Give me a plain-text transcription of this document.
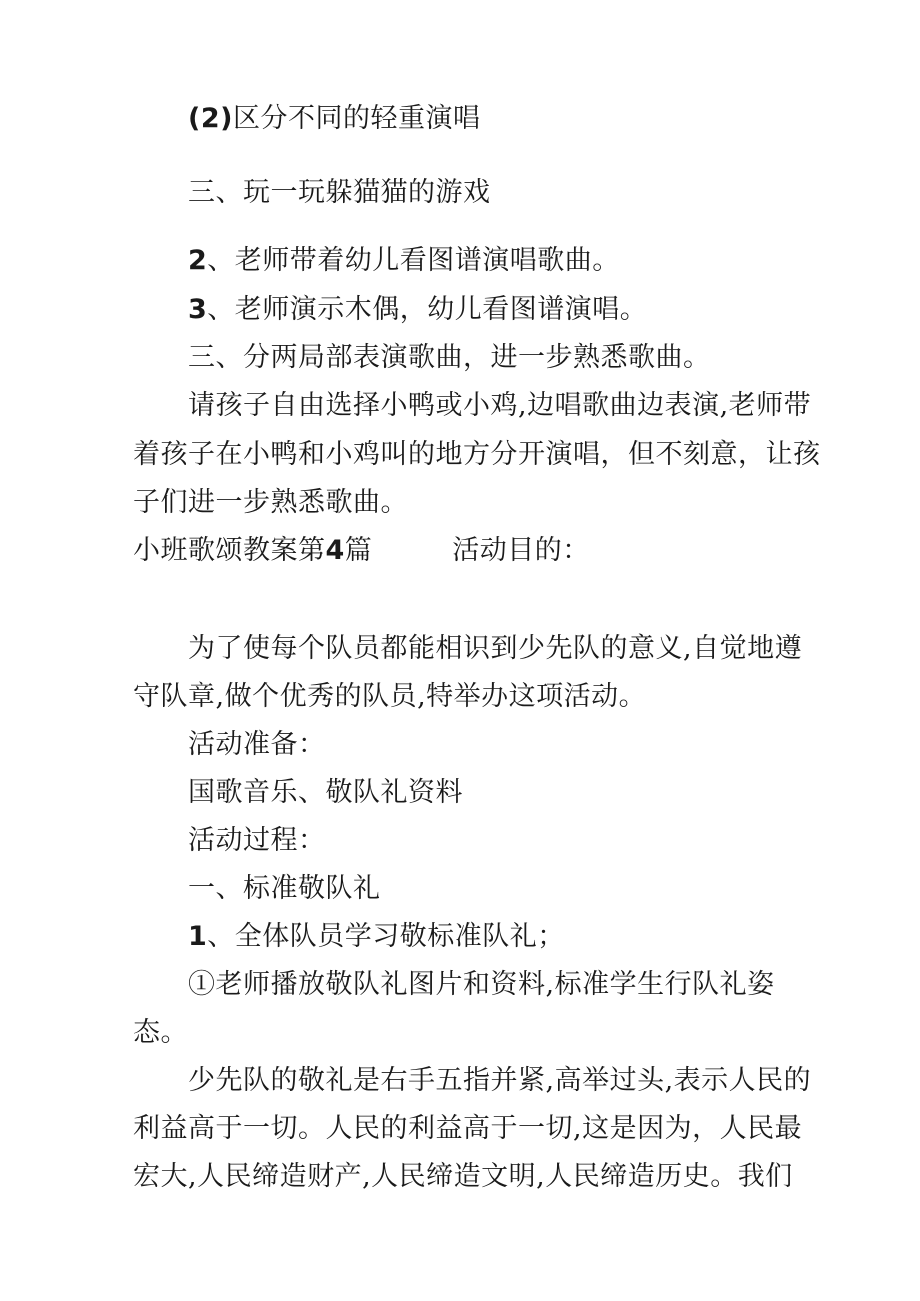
(2)区分不同的轻重演唱
三、玩一玩躲猫猫的游戏
2、老师带着幼儿看图谱演唱歌曲。
3、老师演示木偶，幼儿看图谱演唱。
三、分两局部表演歌曲，进一步熟悉歌曲。
请孩子自由选择小鸭或小鸡,边唱歌曲边表演,老师带
着孩子在小鸭和小鸡叫的地方分开演唱，但不刻意，让孩
子们进一步熟悉歌曲。
小班歌颂教案第4篇	活动目的：
为了使每个队员都能相识到少先队的意义,自觉地遵
守队章,做个优秀的队员,特举办这项活动。
活动准备：
国歌音乐、敬队礼资料
活动过程：
一、标准敬队礼
1、全体队员学习敬标准队礼；
①老师播放敬队礼图片和资料,标准学生行队礼姿
态。
少先队的敬礼是右手五指并紧,高举过头,表示人民的
利益高于一切。人民的利益高于一切,这是因为，人民最
宏大,人民缔造财产,人民缔造文明,人民缔造历史。我们
